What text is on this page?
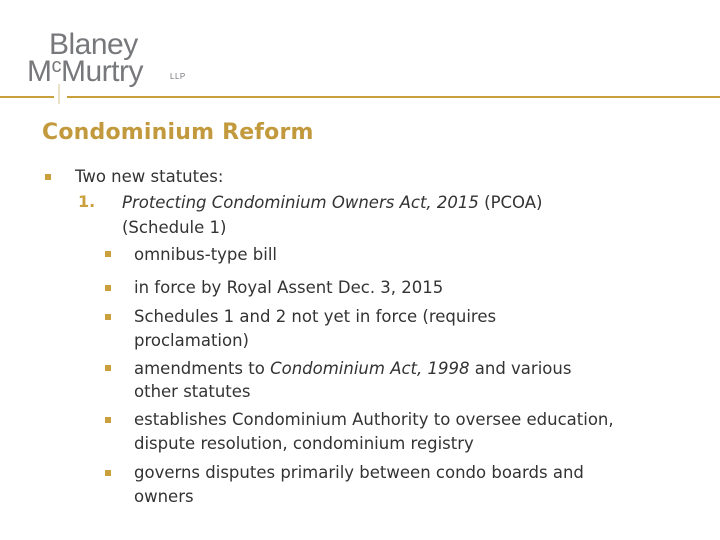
Blaney
$M^cMurtry$	LLP
Condominium Reform
Two new statutes:
1. Protecting Condominium Owners Act, 2015 (PCOA)
(Schedule 1)
omnibus-type bill
in force by Royal Assent Dec. 3, 2015
Schedules 1 and 2 not yet in force (requires
proclamation)
amendments to Condominium Act, 1998 and various
other statutes
establishes Condominium Authority to oversee education,
dispute resolution, condominium registry
governs disputes primarily between condo boards and
owners
